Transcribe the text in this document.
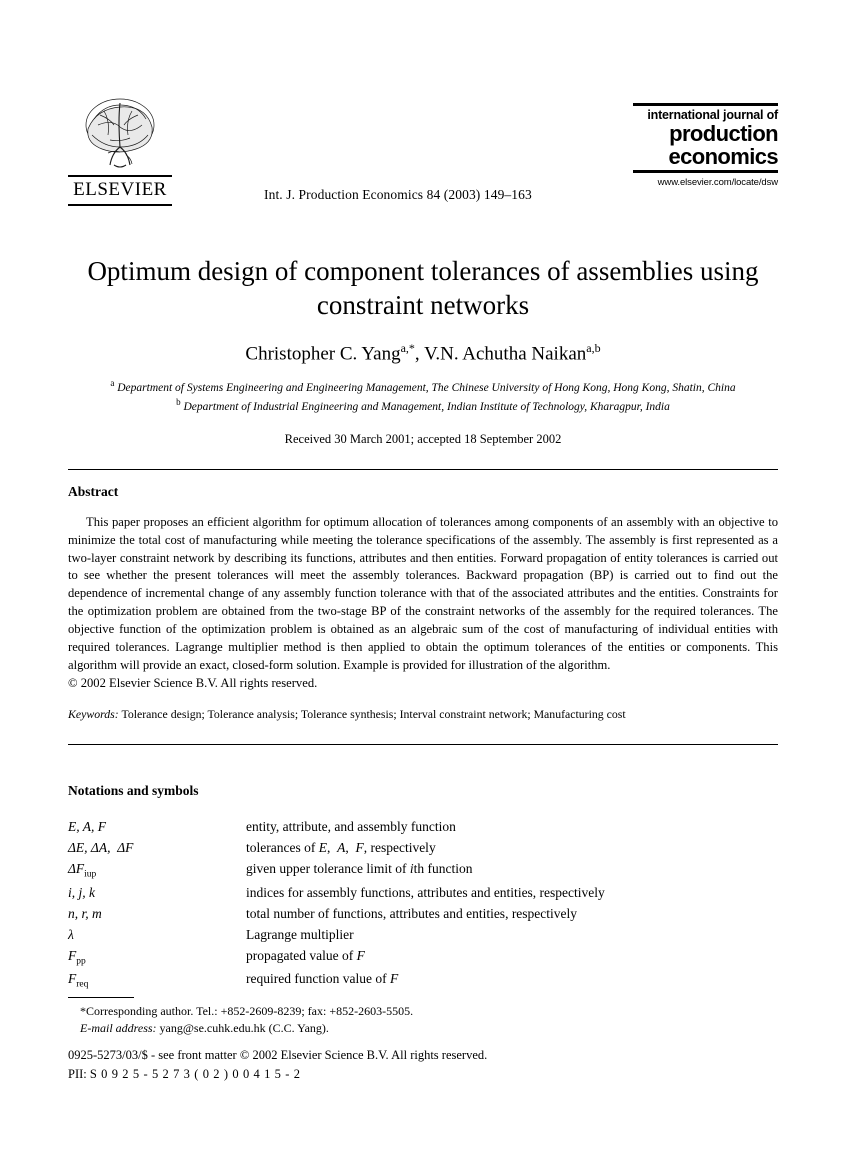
ELSEVIER	Int. J. Production Economics 84 (2003) 149–163
international journal of
production
economics
www.elsevier.com/locate/dsw
Optimum design of component tolerances of assemblies using constraint networks
Christopher C. Yang$^{a,*}$, V.N. Achutha Naikan$^{a,b}$
$^a$ Department of Systems Engineering and Engineering Management, The Chinese University of Hong Kong, Hong Kong, Shatin, China
$^b$ Department of Industrial Engineering and Management, Indian Institute of Technology, Kharagpur, India
Received 30 March 2001; accepted 18 September 2002
Abstract
This paper proposes an efficient algorithm for optimum allocation of tolerances among components of an assembly with an objective to minimize the total cost of manufacturing while meeting the tolerance specifications of the assembly. The assembly is first represented as a two-layer constraint network by describing its functions, attributes and then entities. Forward propagation of entity tolerances is carried out to see whether the present tolerances will meet the assembly tolerances. Backward propagation (BP) is carried out to find out the dependence of incremental change of any assembly function tolerance with that of the associated attributes and the entities. Constraints for the optimization problem are obtained from the two-stage BP of the constraint networks of the assembly for the required tolerances. The objective function of the optimization problem is obtained as an algebraic sum of the cost of manufacturing of individual entities with required tolerances. Lagrange multiplier method is then applied to obtain the optimum tolerances of the entities or components. This algorithm will provide an exact, closed-form solution. Example is provided for illustration of the algorithm.
© 2002 Elsevier Science B.V. All rights reserved.
Keywords: Tolerance design; Tolerance analysis; Tolerance synthesis; Interval constraint network; Manufacturing cost
Notations and symbols
E, A, F	entity, attribute, and assembly function
ΔE, ΔA,  ΔF	tolerances of E,  A,  F, respectively
$\Delta F_{iup}$	given upper tolerance limit of ith function
i, j, k	indices for assembly functions, attributes and entities, respectively
n, r, m	total number of functions, attributes and entities, respectively
λ	Lagrange multiplier
$F_{pp}$	propagated value of F
$F_{req}$	required function value of F
*Corresponding author. Tel.: +852-2609-8239; fax: +852-2603-5505.
E-mail address: yang@se.cuhk.edu.hk (C.C. Yang).
0925-5273/03/$ - see front matter © 2002 Elsevier Science B.V. All rights reserved.
PII: S 0 9 2 5 - 5 2 7 3 ( 0 2 ) 0 0 4 1 5 - 2
